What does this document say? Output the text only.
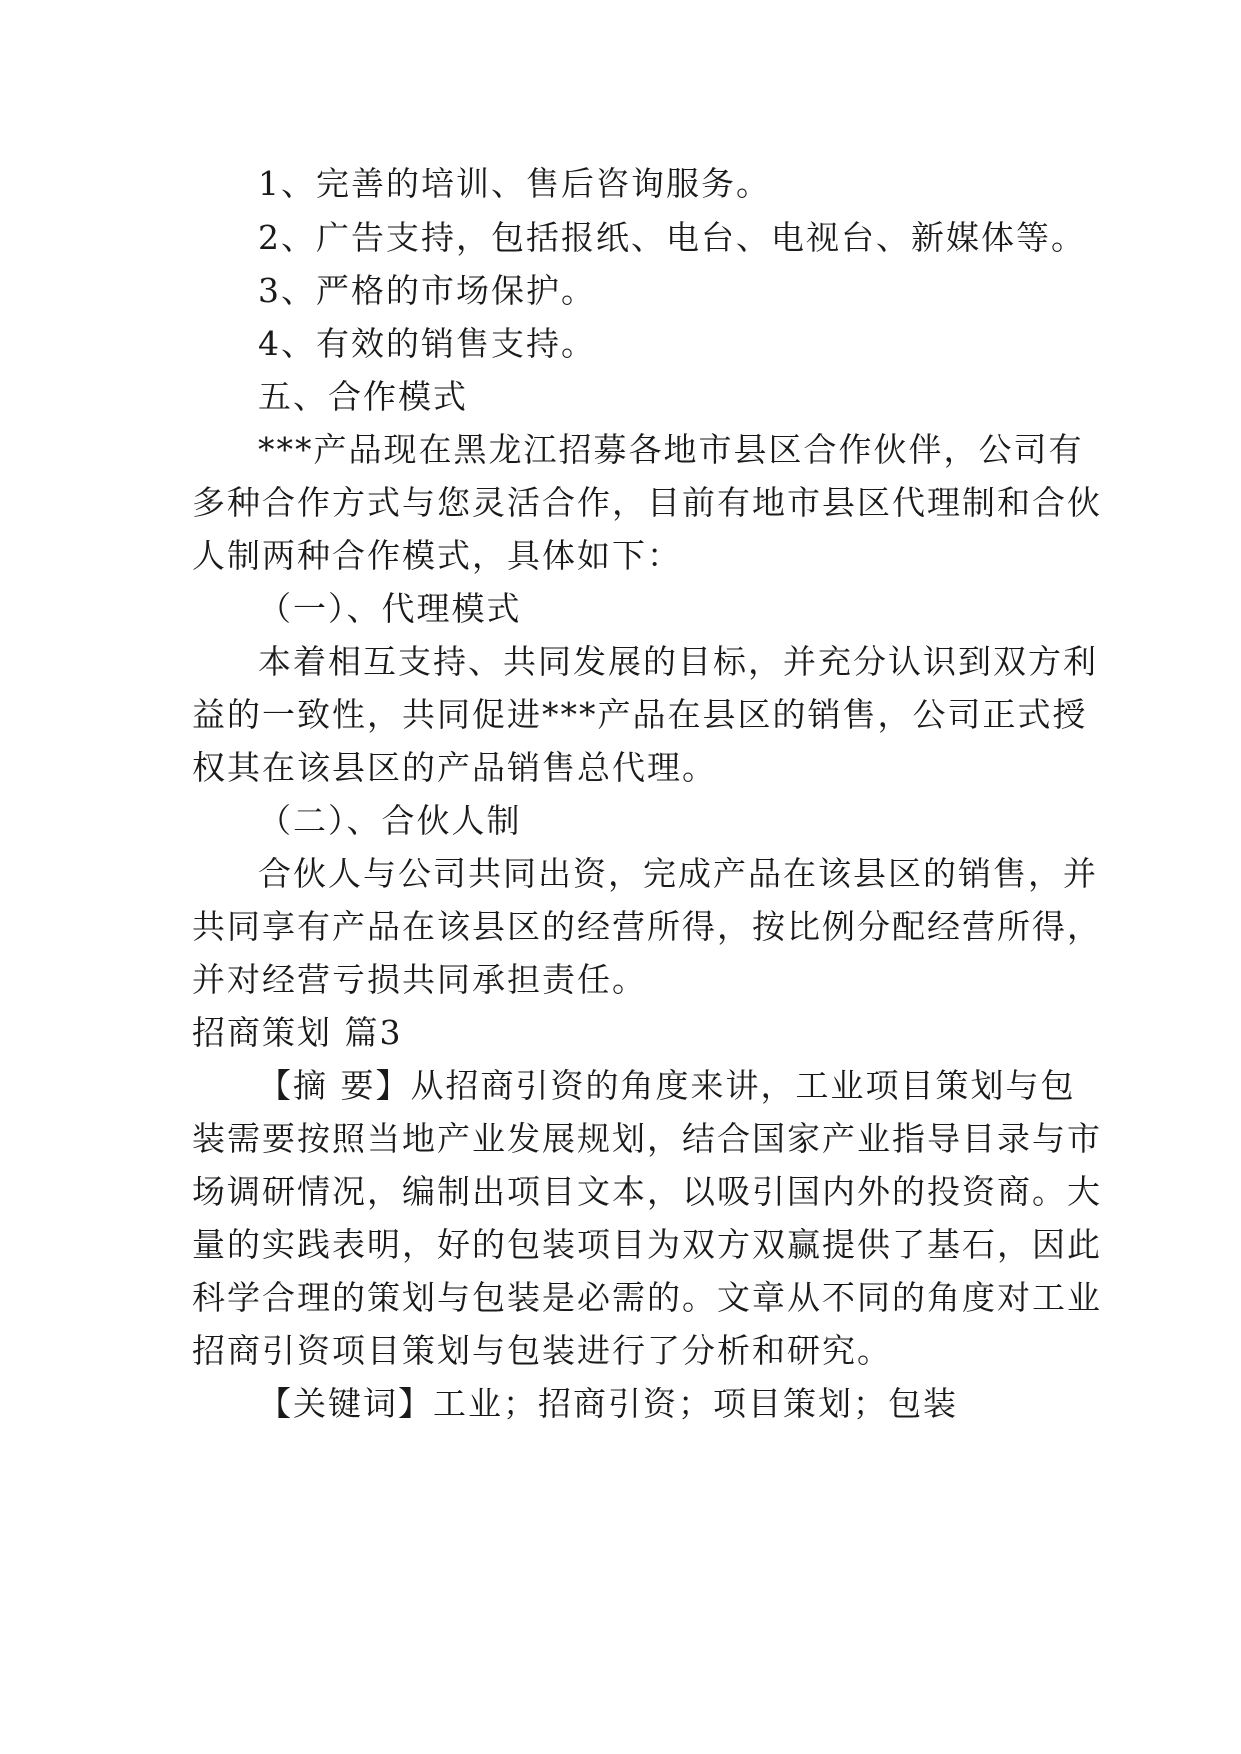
1、完善的培训、售后咨询服务。
2、广告支持，包括报纸、电台、电视台、新媒体等。
3、严格的市场保护。
4、有效的销售支持。
五、合作模式
***产品现在黑龙江招募各地市县区合作伙伴，公司有
多种合作方式与您灵活合作，目前有地市县区代理制和合伙
人制两种合作模式，具体如下：
（一）、代理模式
本着相互支持、共同发展的目标，并充分认识到双方利
益的一致性，共同促进***产品在县区的销售，公司正式授
权其在该县区的产品销售总代理。
（二）、合伙人制
合伙人与公司共同出资，完成产品在该县区的销售，并
共同享有产品在该县区的经营所得，按比例分配经营所得，
并对经营亏损共同承担责任。
招商策划 篇3
【摘 要】从招商引资的角度来讲，工业项目策划与包
装需要按照当地产业发展规划，结合国家产业指导目录与市
场调研情况，编制出项目文本，以吸引国内外的投资商。大
量的实践表明，好的包装项目为双方双赢提供了基石，因此
科学合理的策划与包装是必需的。文章从不同的角度对工业
招商引资项目策划与包装进行了分析和研究。
【关键词】工业；招商引资；项目策划；包装
